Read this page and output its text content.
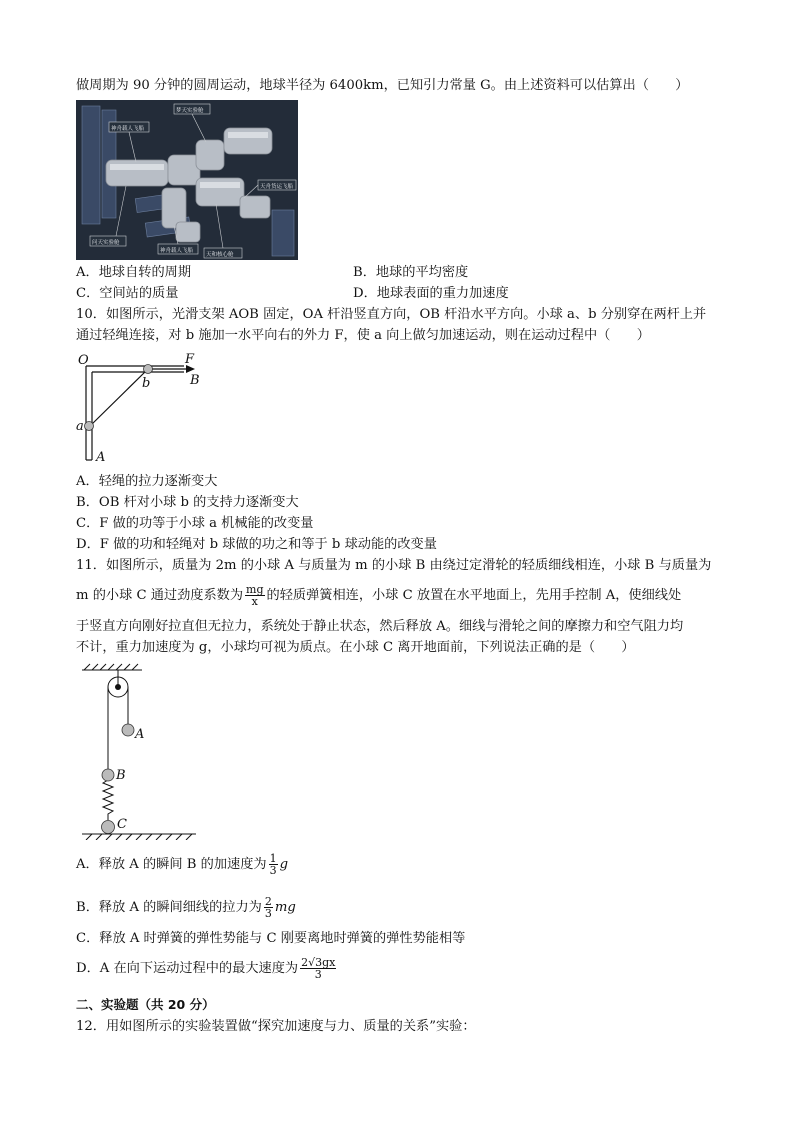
做周期为 90 分钟的圆周运动，地球半径为 6400km，已知引力常量 G。由上述资料可以估算出（　　）
神舟载人飞船
梦天实验舱
天舟货运飞船
问天实验舱
神舟载人飞船
天和核心舱
A．地球自转的周期	B．地球的平均密度
C．空间站的质量	D．地球表面的重力加速度
10．如图所示，光滑支架 AOB 固定，OA 杆沿竖直方向，OB 杆沿水平方向。小球 a、b 分别穿在两杆上并
通过轻绳连接，对 b 施加一水平向右的外力 F，使 a 向上做匀加速运动，则在运动过程中（　　）
O	F
b	B
a
A
A．轻绳的拉力逐渐变大
B．OB 杆对小球 b 的支持力逐渐变大
C．F 做的功等于小球 a 机械能的改变量
D．F 做的功和轻绳对 b 球做的功之和等于 b 球动能的改变量
11．如图所示，质量为 2m 的小球 A 与质量为 m 的小球 B 由绕过定滑轮的轻质细线相连，小球 B 与质量为
m 的小球 C 通过劲度系数为 $\frac{mg}{x}$ 的轻质弹簧相连，小球 C 放置在水平地面上，先用手控制 A，使细线处
于竖直方向刚好拉直但无拉力，系统处于静止状态，然后释放 A。细线与滑轮之间的摩擦力和空气阻力均
不计，重力加速度为 g，小球均可视为质点。在小球 C 离开地面前，下列说法正确的是（　　）
A
B
C
A．释放 A 的瞬间 B 的加速度为 $\frac{1}{3}$ g
B．释放 A 的瞬间细线的拉力为 $\frac{2}{3}$ mg
C．释放 A 时弹簧的弹性势能与 C 刚要离地时弹簧的弹性势能相等
D．A 在向下运动过程中的最大速度为 $\frac{2√3gx}{3}$
二、实验题（共 20 分）
12．用如图所示的实验装置做“探究加速度与力、质量的关系”实验：
